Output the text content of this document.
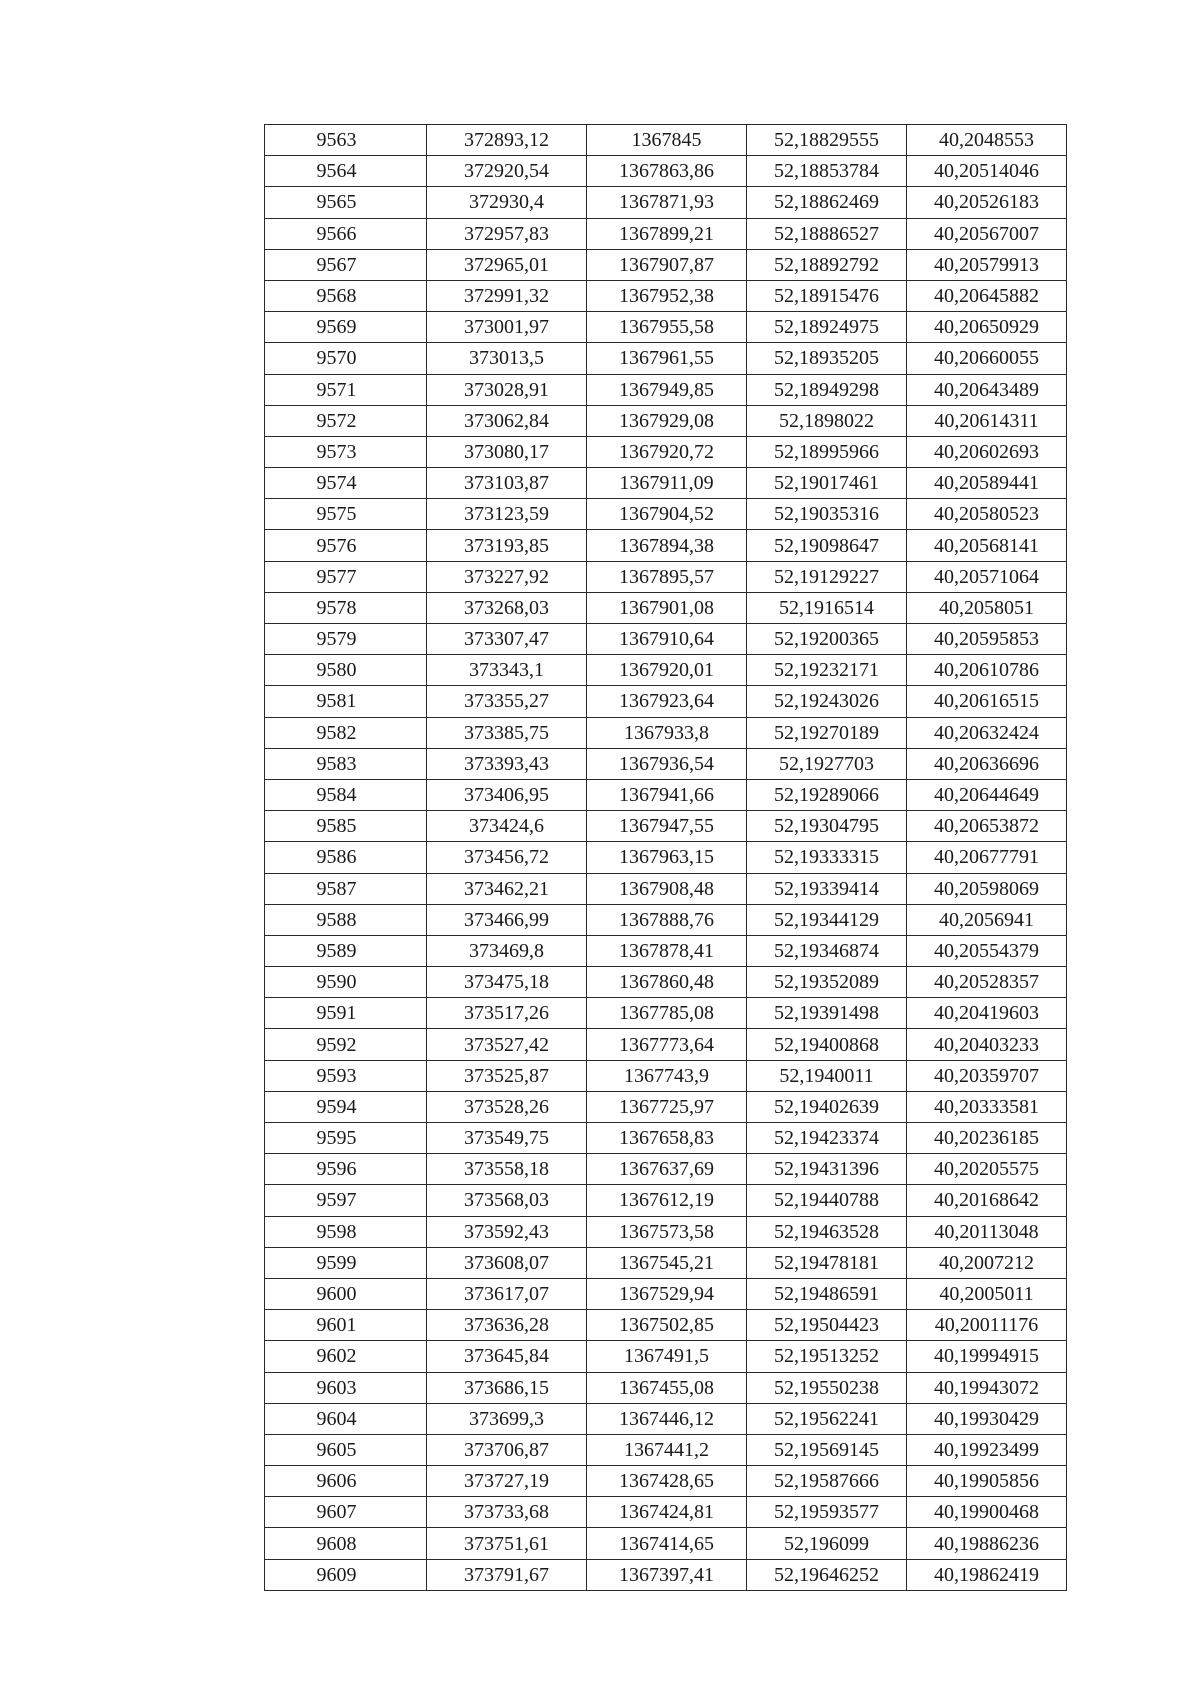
9563	372893,12	1367845	52,18829555	40,2048553
9564	372920,54	1367863,86	52,18853784	40,20514046
9565	372930,4	1367871,93	52,18862469	40,20526183
9566	372957,83	1367899,21	52,18886527	40,20567007
9567	372965,01	1367907,87	52,18892792	40,20579913
9568	372991,32	1367952,38	52,18915476	40,20645882
9569	373001,97	1367955,58	52,18924975	40,20650929
9570	373013,5	1367961,55	52,18935205	40,20660055
9571	373028,91	1367949,85	52,18949298	40,20643489
9572	373062,84	1367929,08	52,1898022	40,20614311
9573	373080,17	1367920,72	52,18995966	40,20602693
9574	373103,87	1367911,09	52,19017461	40,20589441
9575	373123,59	1367904,52	52,19035316	40,20580523
9576	373193,85	1367894,38	52,19098647	40,20568141
9577	373227,92	1367895,57	52,19129227	40,20571064
9578	373268,03	1367901,08	52,1916514	40,2058051
9579	373307,47	1367910,64	52,19200365	40,20595853
9580	373343,1	1367920,01	52,19232171	40,20610786
9581	373355,27	1367923,64	52,19243026	40,20616515
9582	373385,75	1367933,8	52,19270189	40,20632424
9583	373393,43	1367936,54	52,1927703	40,20636696
9584	373406,95	1367941,66	52,19289066	40,20644649
9585	373424,6	1367947,55	52,19304795	40,20653872
9586	373456,72	1367963,15	52,19333315	40,20677791
9587	373462,21	1367908,48	52,19339414	40,20598069
9588	373466,99	1367888,76	52,19344129	40,2056941
9589	373469,8	1367878,41	52,19346874	40,20554379
9590	373475,18	1367860,48	52,19352089	40,20528357
9591	373517,26	1367785,08	52,19391498	40,20419603
9592	373527,42	1367773,64	52,19400868	40,20403233
9593	373525,87	1367743,9	52,1940011	40,20359707
9594	373528,26	1367725,97	52,19402639	40,20333581
9595	373549,75	1367658,83	52,19423374	40,20236185
9596	373558,18	1367637,69	52,19431396	40,20205575
9597	373568,03	1367612,19	52,19440788	40,20168642
9598	373592,43	1367573,58	52,19463528	40,20113048
9599	373608,07	1367545,21	52,19478181	40,2007212
9600	373617,07	1367529,94	52,19486591	40,2005011
9601	373636,28	1367502,85	52,19504423	40,20011176
9602	373645,84	1367491,5	52,19513252	40,19994915
9603	373686,15	1367455,08	52,19550238	40,19943072
9604	373699,3	1367446,12	52,19562241	40,19930429
9605	373706,87	1367441,2	52,19569145	40,19923499
9606	373727,19	1367428,65	52,19587666	40,19905856
9607	373733,68	1367424,81	52,19593577	40,19900468
9608	373751,61	1367414,65	52,196099	40,19886236
9609	373791,67	1367397,41	52,19646252	40,19862419
